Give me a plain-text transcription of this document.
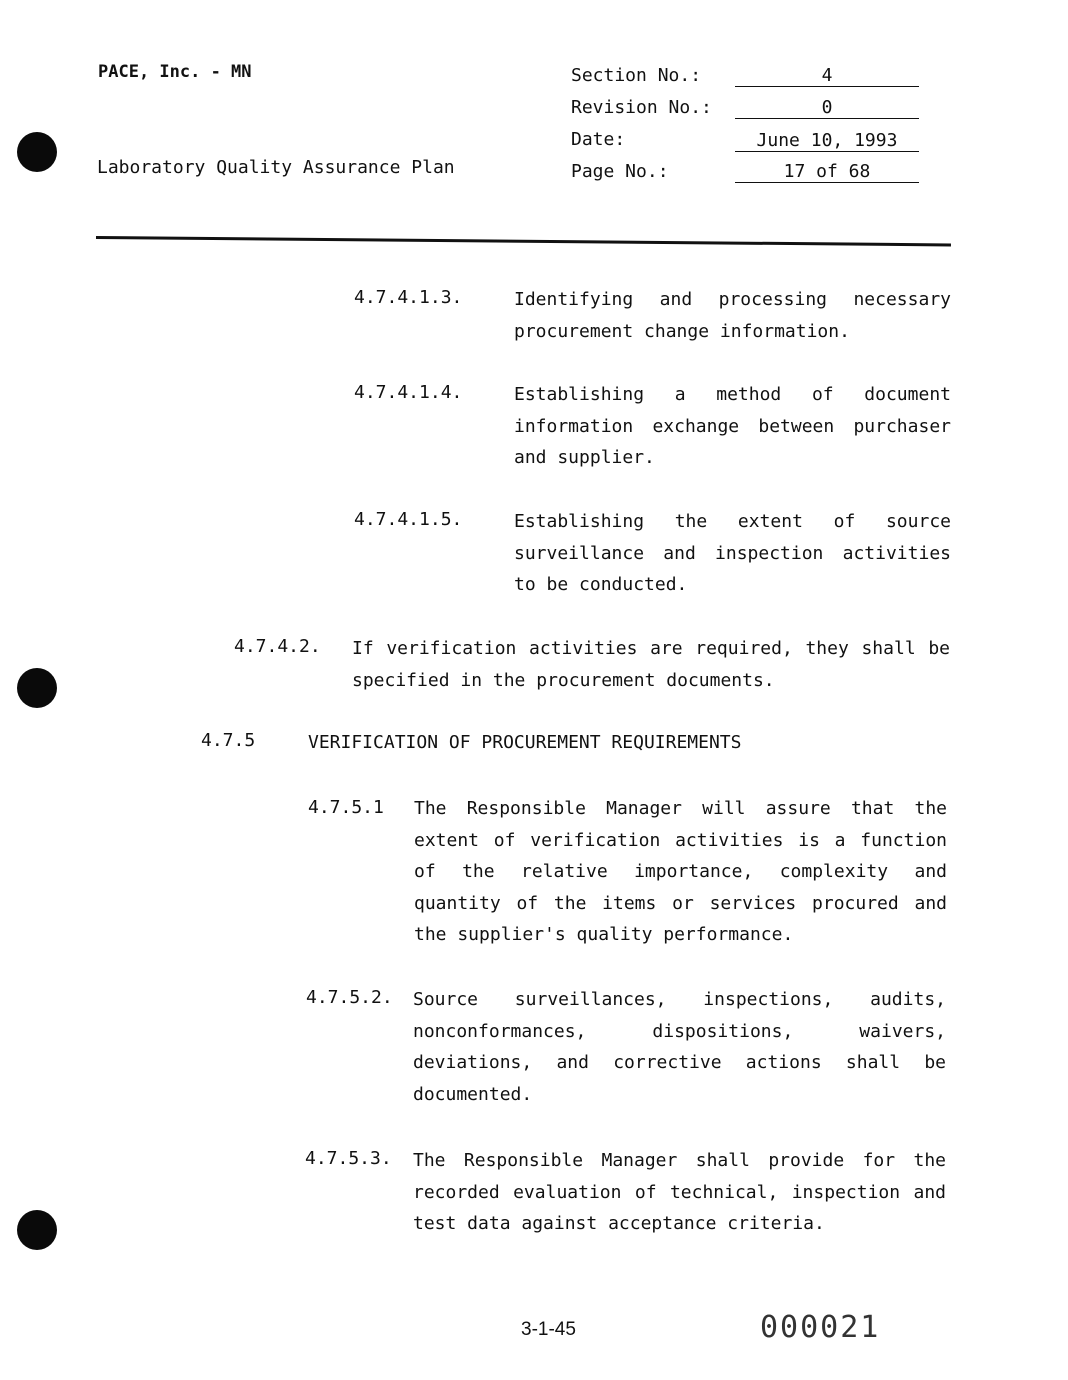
PACE, Inc. - MN
Laboratory Quality Assurance Plan
Section No.:	4
Revision No.:	0
Date:	June 10, 1993
Page No.:	17 of 68
4.7.4.1.3.	Identifying and processing necessary procurement change information.
4.7.4.1.4.	Establishing a method of document information exchange between purchaser and supplier.
4.7.4.1.5.	Establishing the extent of source surveillance and inspection activities to be conducted.
4.7.4.2. If verification activities are required, they shall be specified in the procurement documents.
4.7.5	VERIFICATION OF PROCUREMENT REQUIREMENTS
4.7.5.1 The Responsible Manager will assure that the extent of verification activities is a function of the relative importance, complexity and quantity of the items or services procured and the supplier's quality performance.
4.7.5.2. Source surveillances, inspections, audits, nonconformances, dispositions, waivers, deviations, and corrective actions shall be documented.
4.7.5.3. The Responsible Manager shall provide for the recorded evaluation of technical, inspection and test data against acceptance criteria.
3-1-45	000021
